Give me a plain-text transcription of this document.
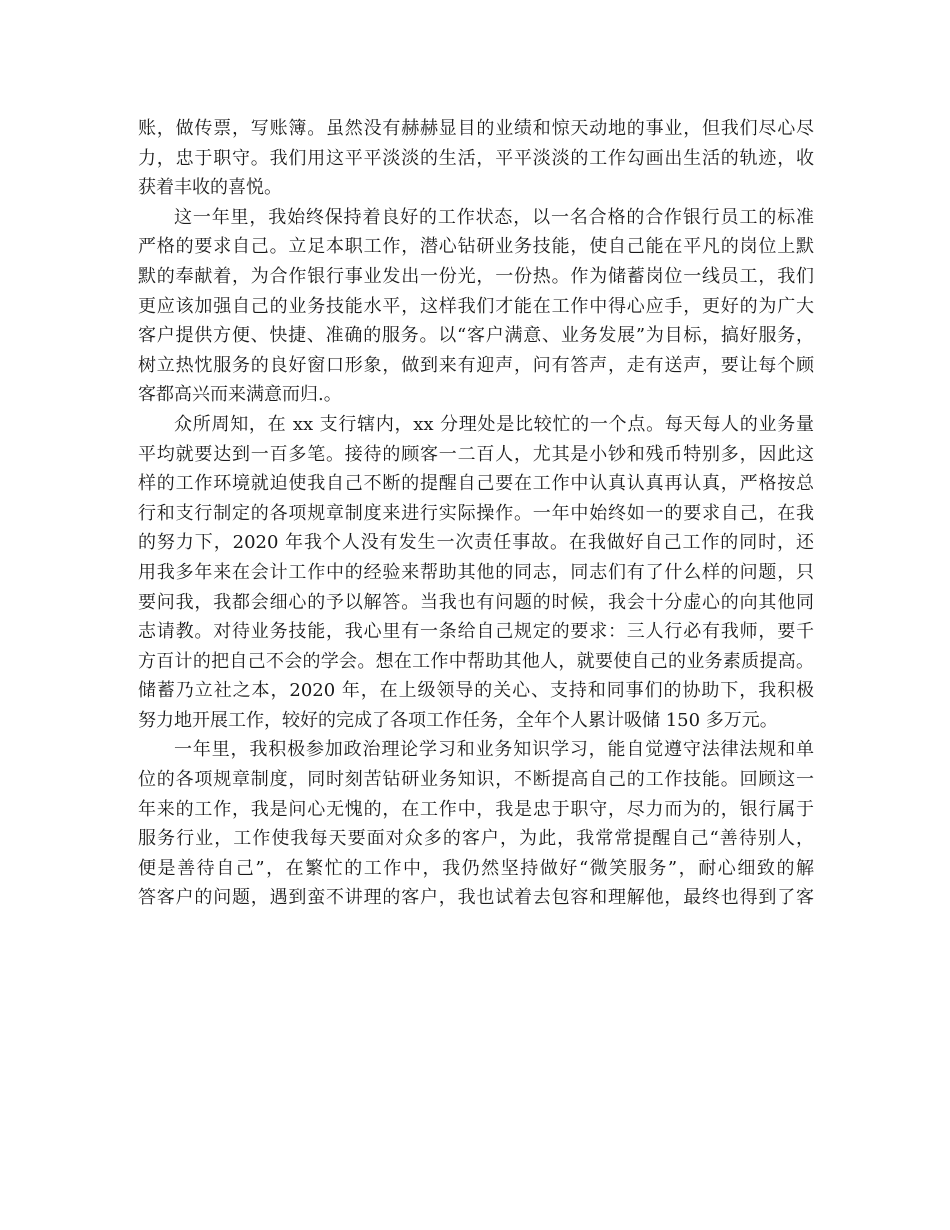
账，做传票，写账簿。虽然没有赫赫显目的业绩和惊天动地的事业，但我们尽心尽
力，忠于职守。我们用这平平淡淡的生活，平平淡淡的工作勾画出生活的轨迹，收
获着丰收的喜悦。
这一年里，我始终保持着良好的工作状态，以一名合格的合作银行员工的标准
严格的要求自己。立足本职工作，潜心钻研业务技能，使自己能在平凡的岗位上默
默的奉献着，为合作银行事业发出一份光，一份热。作为储蓄岗位一线员工，我们
更应该加强自己的业务技能水平，这样我们才能在工作中得心应手，更好的为广大
客户提供方便、快捷、准确的服务。以“客户满意、业务发展”为目标，搞好服务，
树立热忱服务的良好窗口形象，做到来有迎声，问有答声，走有送声，要让每个顾
客都高兴而来满意而归.。
众所周知，在 xx 支行辖内，xx 分理处是比较忙的一个点。每天每人的业务量
平均就要达到一百多笔。接待的顾客一二百人，尤其是小钞和残币特别多，因此这
样的工作环境就迫使我自己不断的提醒自己要在工作中认真认真再认真，严格按总
行和支行制定的各项规章制度来进行实际操作。一年中始终如一的要求自己，在我
的努力下，2020 年我个人没有发生一次责任事故。在我做好自己工作的同时，还
用我多年来在会计工作中的经验来帮助其他的同志，同志们有了什么样的问题，只
要问我，我都会细心的予以解答。当我也有问题的时候，我会十分虚心的向其他同
志请教。对待业务技能，我心里有一条给自己规定的要求：三人行必有我师，要千
方百计的把自己不会的学会。想在工作中帮助其他人，就要使自己的业务素质提高。
储蓄乃立社之本，2020 年，在上级领导的关心、支持和同事们的协助下，我积极
努力地开展工作，较好的完成了各项工作任务，全年个人累计吸储 150 多万元。
一年里，我积极参加政治理论学习和业务知识学习，能自觉遵守法律法规和单
位的各项规章制度，同时刻苦钻研业务知识，不断提高自己的工作技能。回顾这一
年来的工作，我是问心无愧的，在工作中，我是忠于职守，尽力而为的，银行属于
服务行业，工作使我每天要面对众多的客户，为此，我常常提醒自己“善待别人，
便是善待自己”，在繁忙的工作中，我仍然坚持做好“微笑服务”，耐心细致的解
答客户的问题，遇到蛮不讲理的客户，我也试着去包容和理解他，最终也得到了客
